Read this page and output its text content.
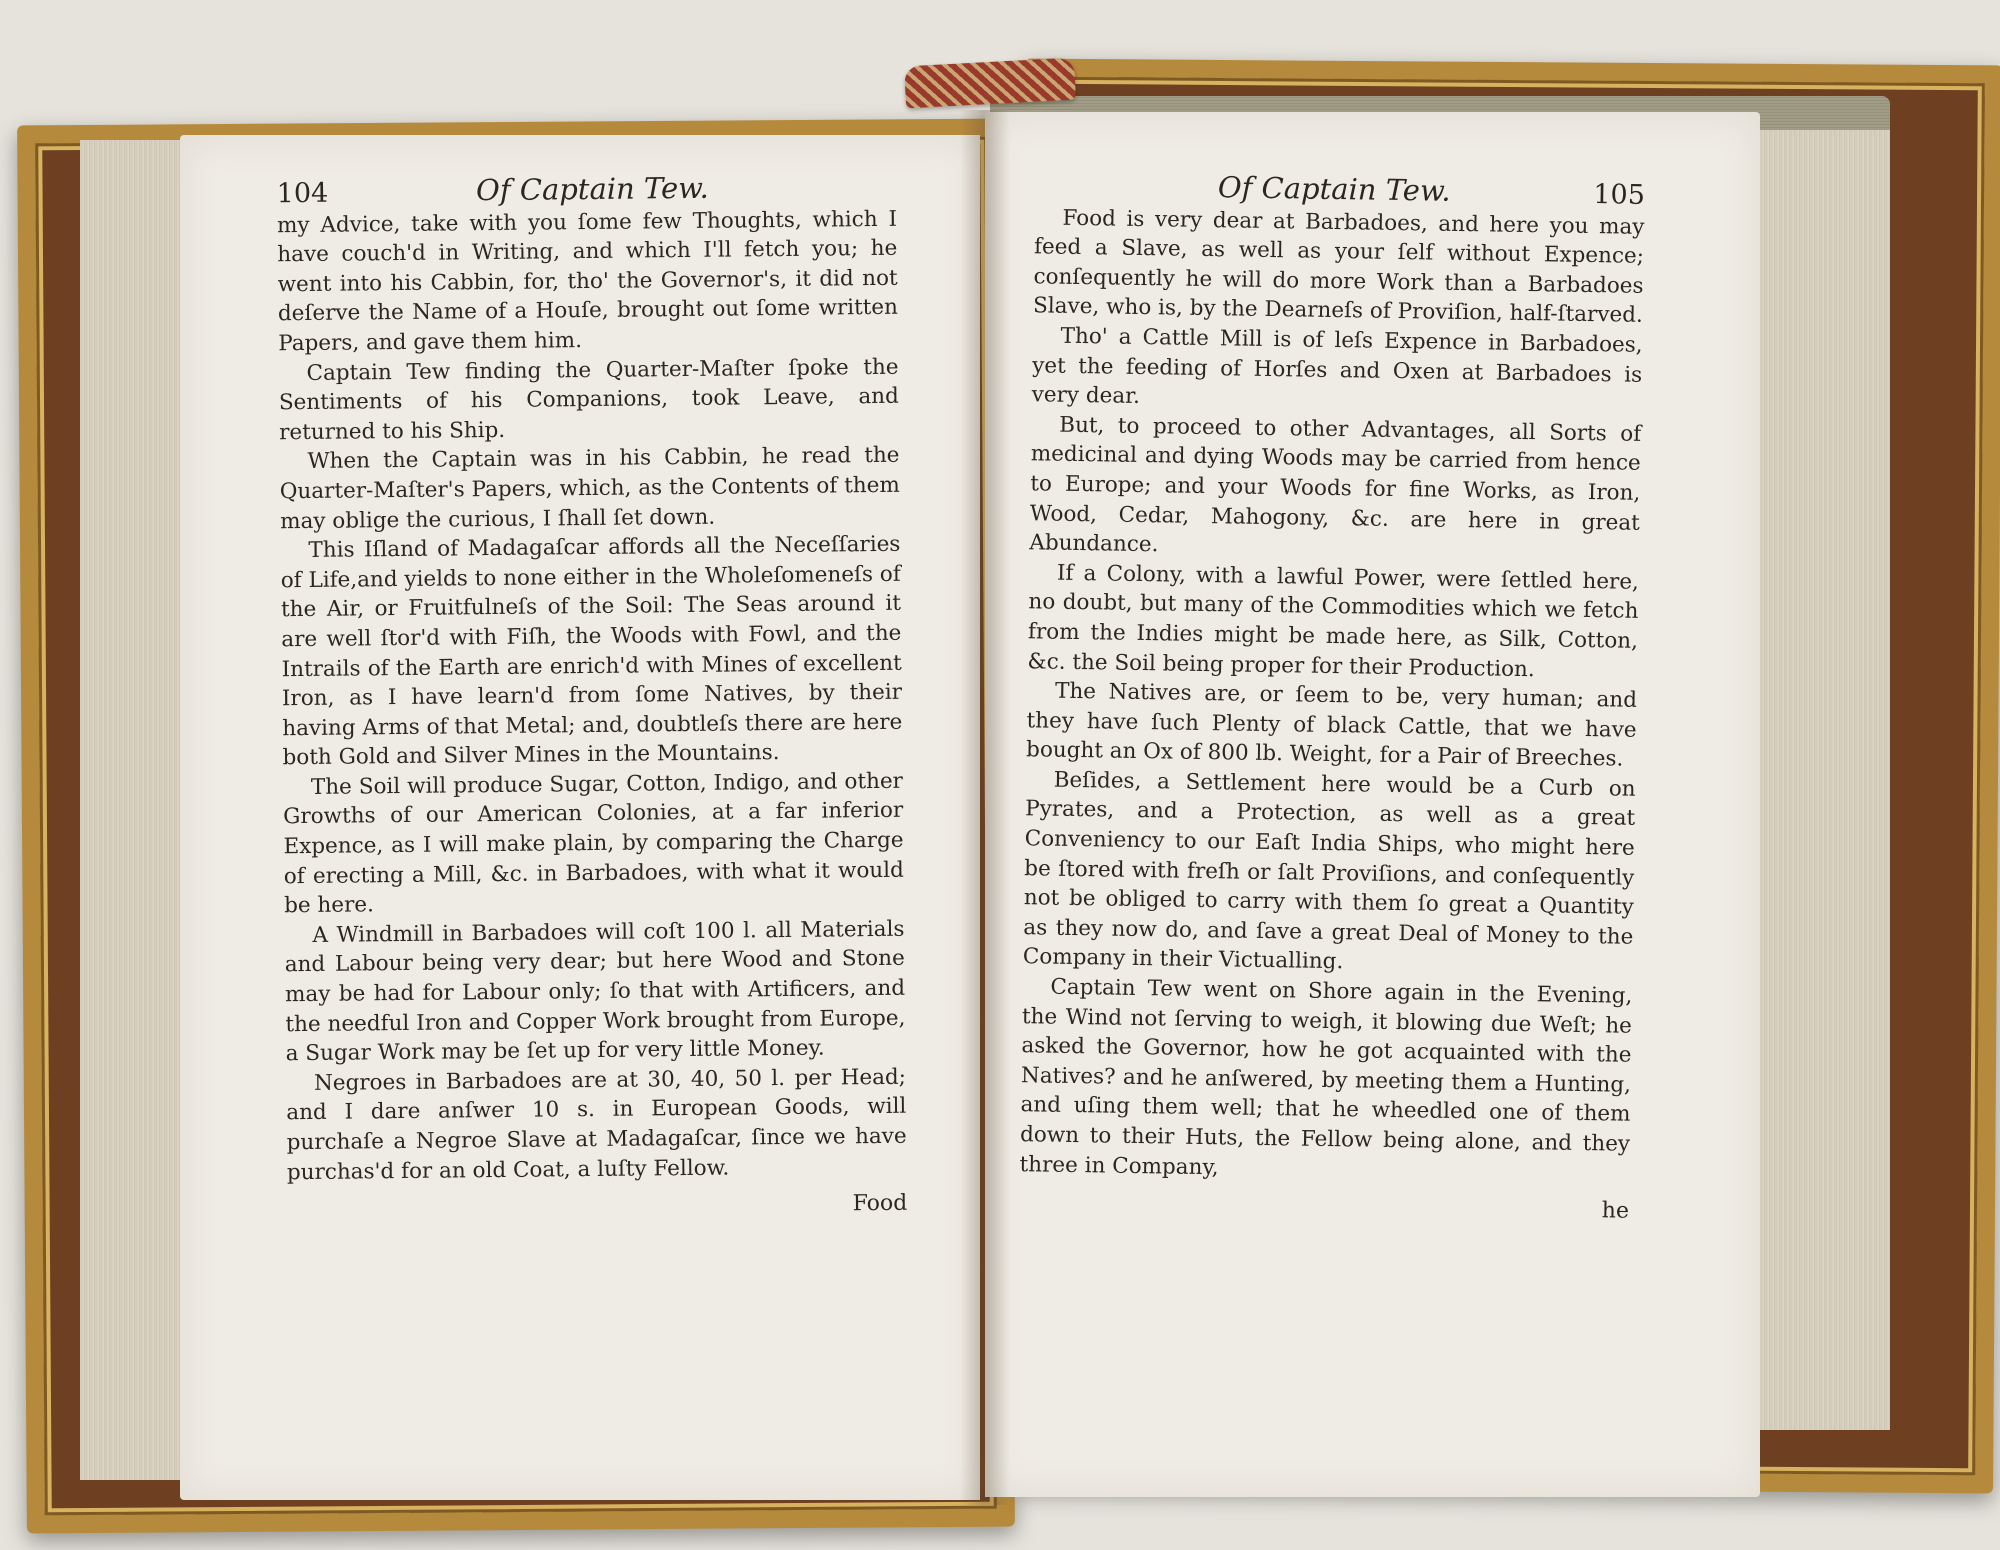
104	Of Captain Tew.

my Advice, take with you ſome few Thoughts, which I have couch'd in Writing, and which I'll fetch you; he went into his Cabbin, for, tho' the Governor's, it did not deſerve the Name of a Houſe, brought out ſome written Papers, and gave them him.

Captain Tew finding the Quarter-Maſter ſpoke the Sentiments of his Companions, took Leave, and returned to his Ship.

When the Captain was in his Cabbin, he read the Quarter-Maſter's Papers, which, as the Contents of them may oblige the curious, I ſhall ſet down.

This Iſland of Madagaſcar affords all the Neceſſaries of Life,and yields to none either in the Wholeſomeneſs of the Air, or Fruitfulneſs of the Soil: The Seas around it are well ſtor'd with Fiſh, the Woods with Fowl, and the Intrails of the Earth are enrich'd with Mines of excellent Iron, as I have learn'd from ſome Natives, by their having Arms of that Metal; and, doubtleſs there are here both Gold and Silver Mines in the Mountains.

The Soil will produce Sugar, Cotton, Indigo, and other Growths of our American Colonies, at a far inferior Expence, as I will make plain, by comparing the Charge of erecting a Mill, &c. in Barbadoes, with what it would be here.

A Windmill in Barbadoes will coſt 100 l. all Materials and Labour being very dear; but here Wood and Stone may be had for Labour only; ſo that with Artificers, and the needful Iron and Copper Work brought from Europe, a Sugar Work may be ſet up for very little Money.

Negroes in Barbadoes are at 30, 40, 50 l. per Head; and I dare anſwer 10 s. in European Goods, will purchaſe a Negroe Slave at Madagaſcar, ſince we have purchas'd for an old Coat, a luſty Fellow.

Food
Of Captain Tew.	105

Food is very dear at Barbadoes, and here you may feed a Slave, as well as your ſelf without Expence; conſequently he will do more Work than a Barbadoes Slave, who is, by the Dearneſs of Proviſion, half-ſtarved.

Tho' a Cattle Mill is of leſs Expence in Barbadoes, yet the feeding of Horſes and Oxen at Barbadoes is very dear.

But, to proceed to other Advantages, all Sorts of medicinal and dying Woods may be carried from hence to Europe; and your Woods for fine Works, as Iron, Wood, Cedar, Mahogony, &c. are here in great Abundance.

If a Colony, with a lawful Power, were ſettled here, no doubt, but many of the Commodities which we fetch from the Indies might be made here, as Silk, Cotton, &c. the Soil being proper for their Production.

The Natives are, or ſeem to be, very human; and they have ſuch Plenty of black Cattle, that we have bought an Ox of 800 lb. Weight, for a Pair of Breeches.

Beſides, a Settlement here would be a Curb on Pyrates, and a Protection, as well as a great Conveniency to our Eaſt India Ships, who might here be ſtored with freſh or ſalt Proviſions, and conſequently not be obliged to carry with them ſo great a Quantity as they now do, and ſave a great Deal of Money to the Company in their Victualling.

Captain Tew went on Shore again in the Evening, the Wind not ſerving to weigh, it blowing due Weſt; he asked the Governor, how he got acquainted with the Natives? and he anſwered, by meeting them a Hunting, and uſing them well; that he wheedled one of them down to their Huts, the Fellow being alone, and they three in Company,

he
